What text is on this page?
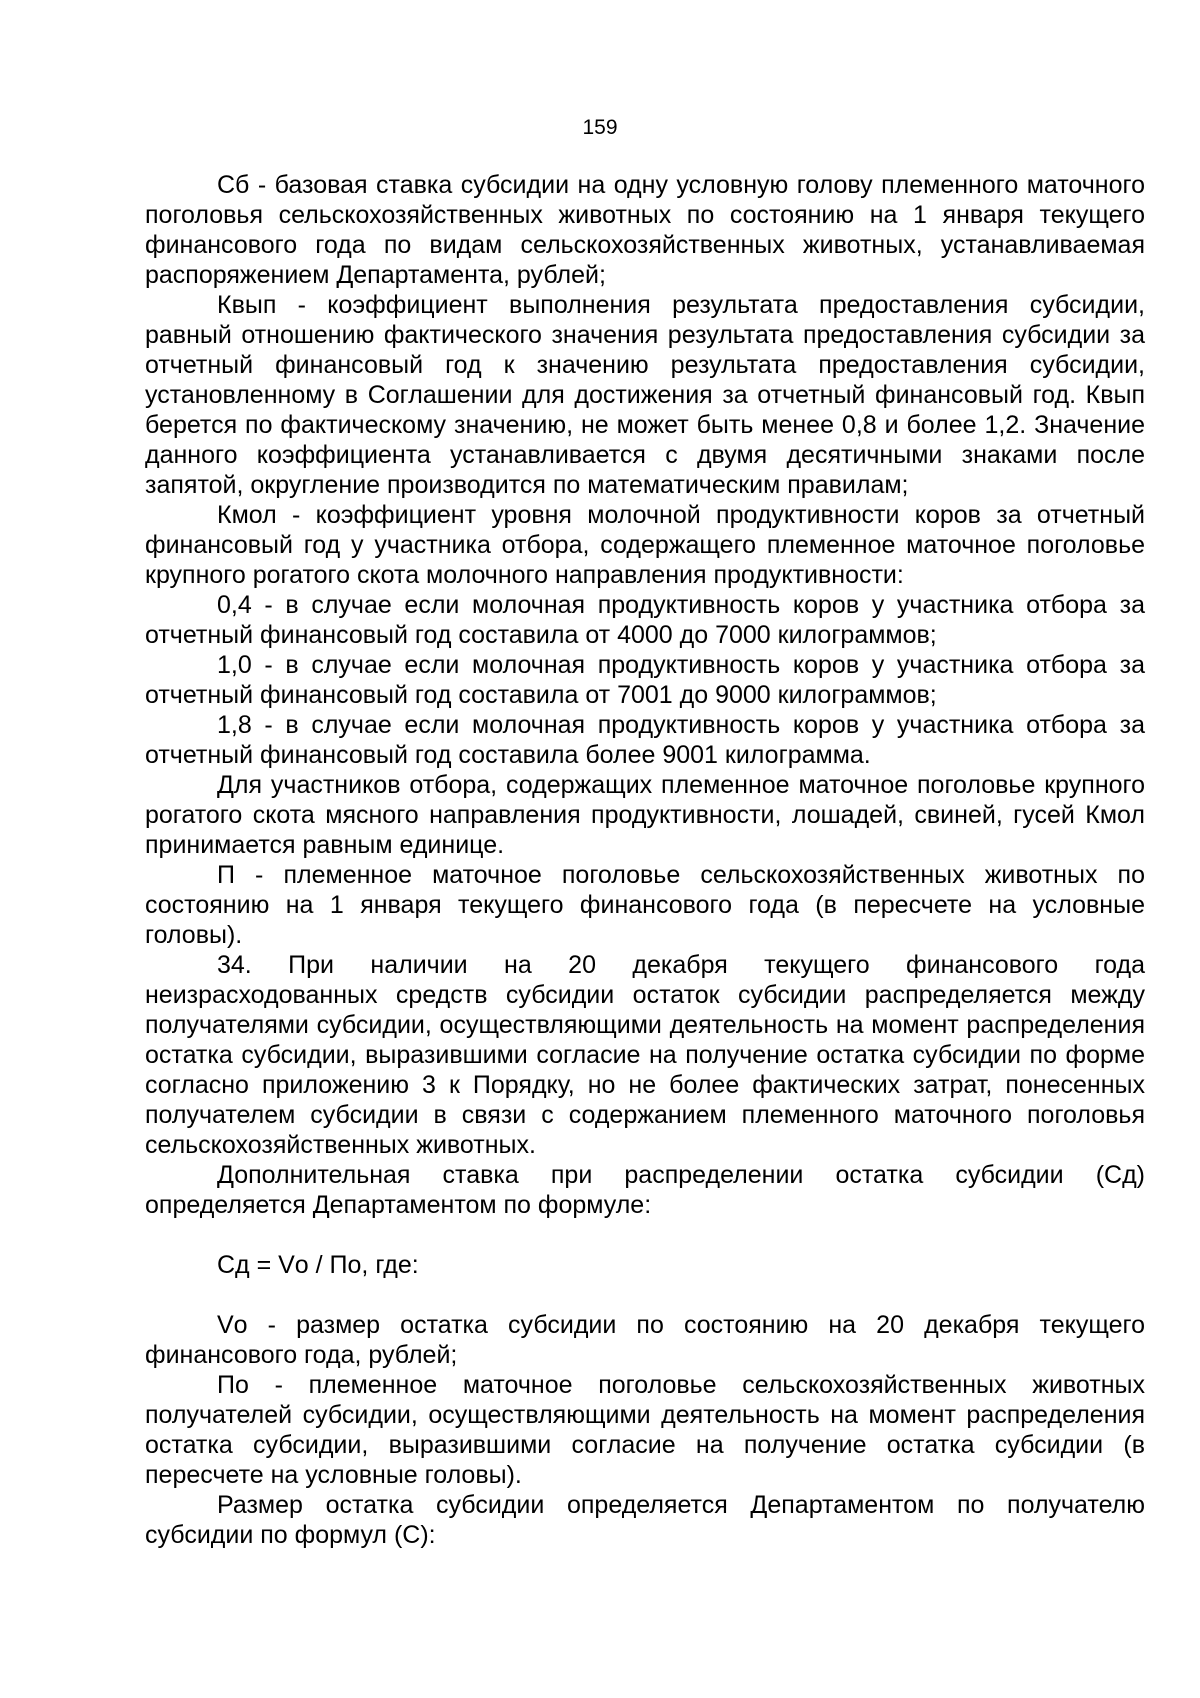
159

Сб - базовая ставка субсидии на одну условную голову племенного маточного поголовья сельскохозяйственных животных по состоянию на 1 января текущего финансового года по видам сельскохозяйственных животных, устанавливаемая распоряжением Департамента, рублей;

Квып - коэффициент выполнения результата предоставления субсидии, равный отношению фактического значения результата предоставления субсидии за отчетный финансовый год к значению результата предоставления субсидии, установленному в Соглашении для достижения за отчетный финансовый год. Квып берется по фактическому значению, не может быть менее 0,8 и более 1,2. Значение данного коэффициента устанавливается с двумя десятичными знаками после запятой, округление производится по математическим правилам;

Кмол - коэффициент уровня молочной продуктивности коров за отчетный финансовый год у участника отбора, содержащего племенное маточное поголовье крупного рогатого скота молочного направления продуктивности:

0,4 - в случае если молочная продуктивность коров у участника отбора за отчетный финансовый год составила от 4000 до 7000 килограммов;

1,0 - в случае если молочная продуктивность коров у участника отбора за отчетный финансовый год составила от 7001 до 9000 килограммов;

1,8 - в случае если молочная продуктивность коров у участника отбора за отчетный финансовый год составила более 9001 килограмма.

Для участников отбора, содержащих племенное маточное поголовье крупного рогатого скота мясного направления продуктивности, лошадей, свиней, гусей Кмол принимается равным единице.

П - племенное маточное поголовье сельскохозяйственных животных по состоянию на 1 января текущего финансового года (в пересчете на условные головы).

34. При наличии на 20 декабря текущего финансового года неизрасходованных средств субсидии остаток субсидии распределяется между получателями субсидии, осуществляющими деятельность на момент распределения остатка субсидии, выразившими согласие на получение остатка субсидии по форме согласно приложению 3 к Порядку, но не более фактических затрат, понесенных получателем субсидии в связи с содержанием племенного маточного поголовья сельскохозяйственных животных.

Дополнительная ставка при распределении остатка субсидии (Сд) определяется Департаментом по формуле:

Сд = Vо / По, где:

Vо - размер остатка субсидии по состоянию на 20 декабря текущего финансового года, рублей;

По - племенное маточное поголовье сельскохозяйственных животных получателей субсидии, осуществляющими деятельность на момент распределения остатка субсидии, выразившими согласие на получение остатка субсидии (в пересчете на условные головы).

Размер остатка субсидии определяется Департаментом по получателю субсидии по формул (С):
